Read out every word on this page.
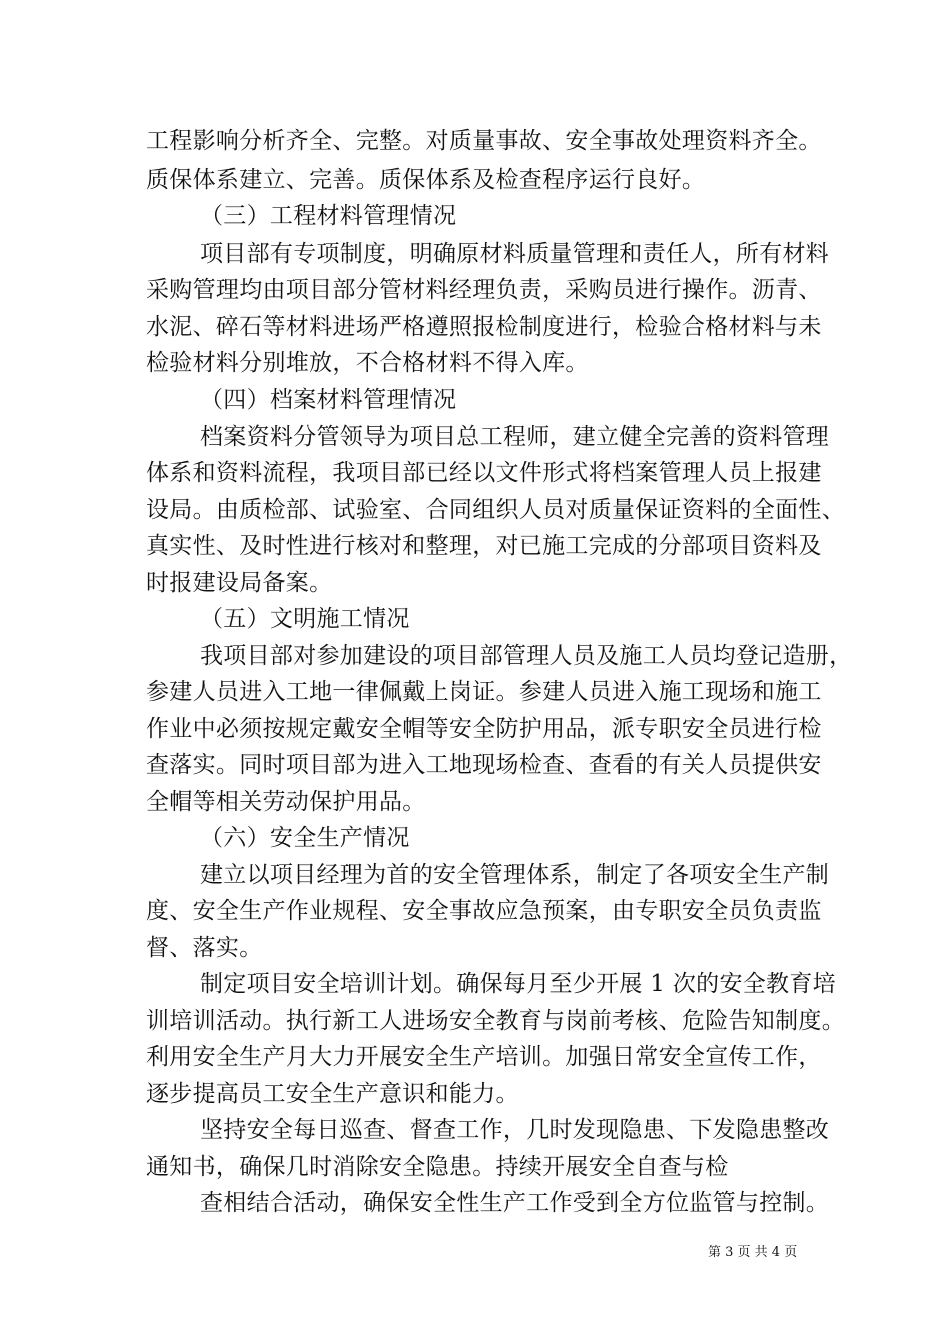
工程影响分析齐全、完整。对质量事故、安全事故处理资料齐全。
质保体系建立、完善。质保体系及检查程序运行良好。
（三）工程材料管理情况
项目部有专项制度，明确原材料质量管理和责任人，所有材料
采购管理均由项目部分管材料经理负责，采购员进行操作。沥青、
水泥、碎石等材料进场严格遵照报检制度进行，检验合格材料与未
检验材料分别堆放，不合格材料不得入库。
（四）档案材料管理情况
档案资料分管领导为项目总工程师，建立健全完善的资料管理
体系和资料流程，我项目部已经以文件形式将档案管理人员上报建
设局。由质检部、试验室、合同组织人员对质量保证资料的全面性、
真实性、及时性进行核对和整理，对已施工完成的分部项目资料及
时报建设局备案。
（五）文明施工情况
我项目部对参加建设的项目部管理人员及施工人员均登记造册，
参建人员进入工地一律佩戴上岗证。参建人员进入施工现场和施工
作业中必须按规定戴安全帽等安全防护用品，派专职安全员进行检
查落实。同时项目部为进入工地现场检查、查看的有关人员提供安
全帽等相关劳动保护用品。
（六）安全生产情况
建立以项目经理为首的安全管理体系，制定了各项安全生产制
度、安全生产作业规程、安全事故应急预案，由专职安全员负责监
督、落实。
制定项目安全培训计划。确保每月至少开展 1 次的安全教育培
训培训活动。执行新工人进场安全教育与岗前考核、危险告知制度。
利用安全生产月大力开展安全生产培训。加强日常安全宣传工作，
逐步提高员工安全生产意识和能力。
坚持安全每日巡查、督查工作，几时发现隐患、下发隐患整改
通知书，确保几时消除安全隐患。持续开展安全自查与检
查相结合活动，确保安全性生产工作受到全方位监管与控制。
第 3 页 共 4 页
